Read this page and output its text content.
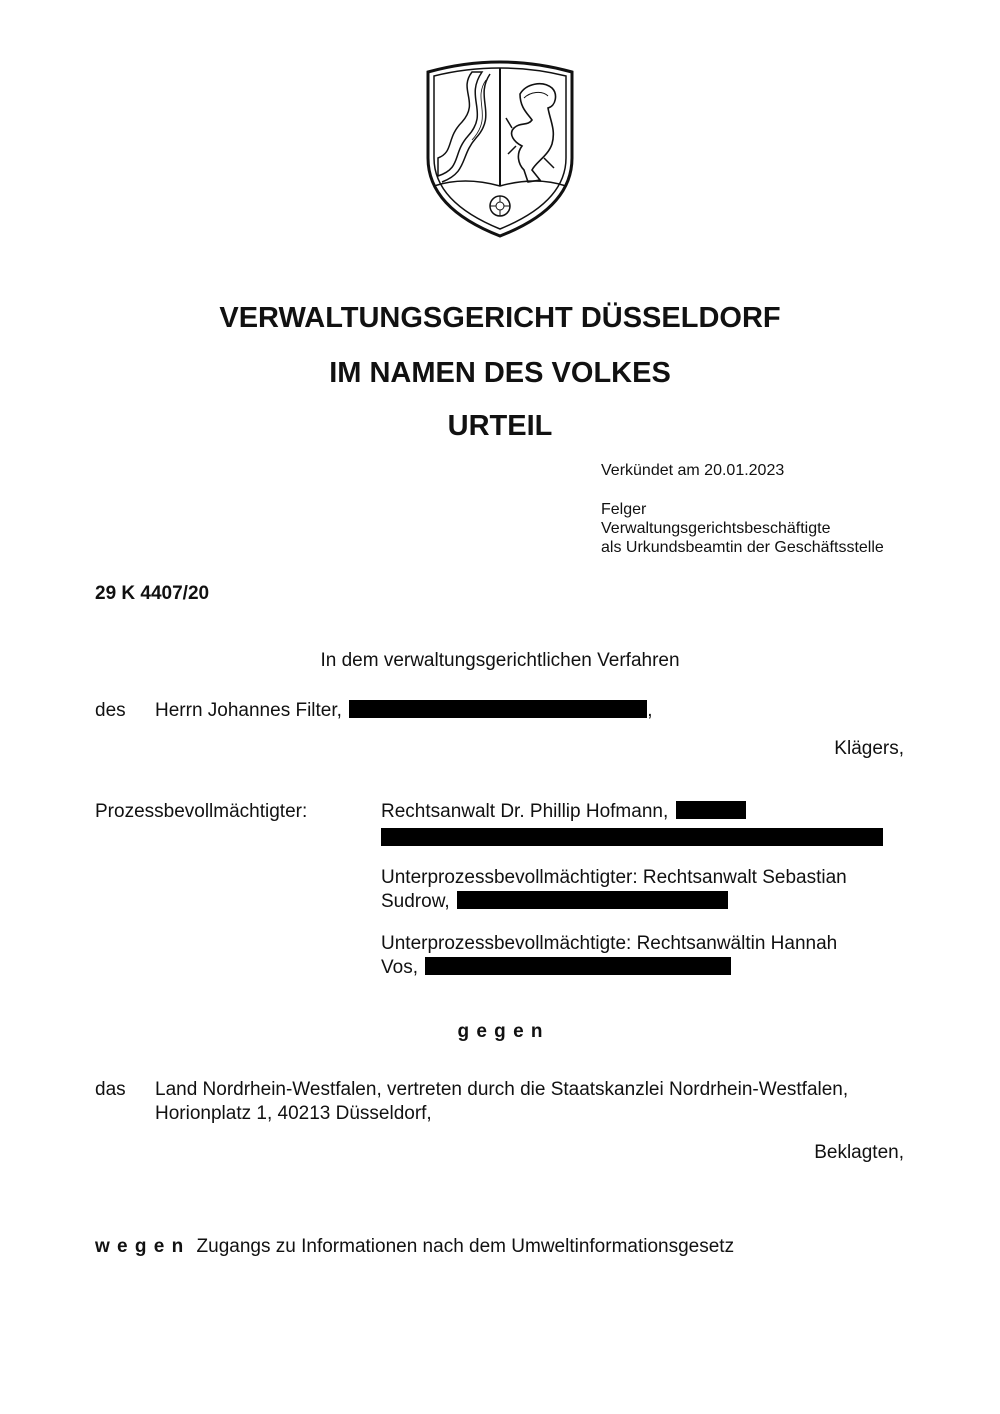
VERWALTUNGSGERICHT DÜSSELDORF
IM NAMEN DES VOLKES
URTEIL
Verkündet am 20.01.2023
Felger
Verwaltungsgerichtsbeschäftigte
als Urkundsbeamtin der Geschäftsstelle
29 K 4407/20
In dem verwaltungsgerichtlichen Verfahren
des Herrn Johannes Filter,	,
Klägers,
Prozessbevollmächtigter:	Rechtsanwalt Dr. Phillip Hofmann,
Unterprozessbevollmächtigter: Rechtsanwalt Sebastian
Sudrow,
Unterprozessbevollmächtigte: Rechtsanwältin Hannah
Vos,
g e g e n
das Land Nordrhein-Westfalen, vertreten durch die Staatskanzlei Nordrhein-Westfalen,
Horionplatz 1, 40213 Düsseldorf,
Beklagten,
w e g e n Zugangs zu Informationen nach dem Umweltinformationsgesetz
